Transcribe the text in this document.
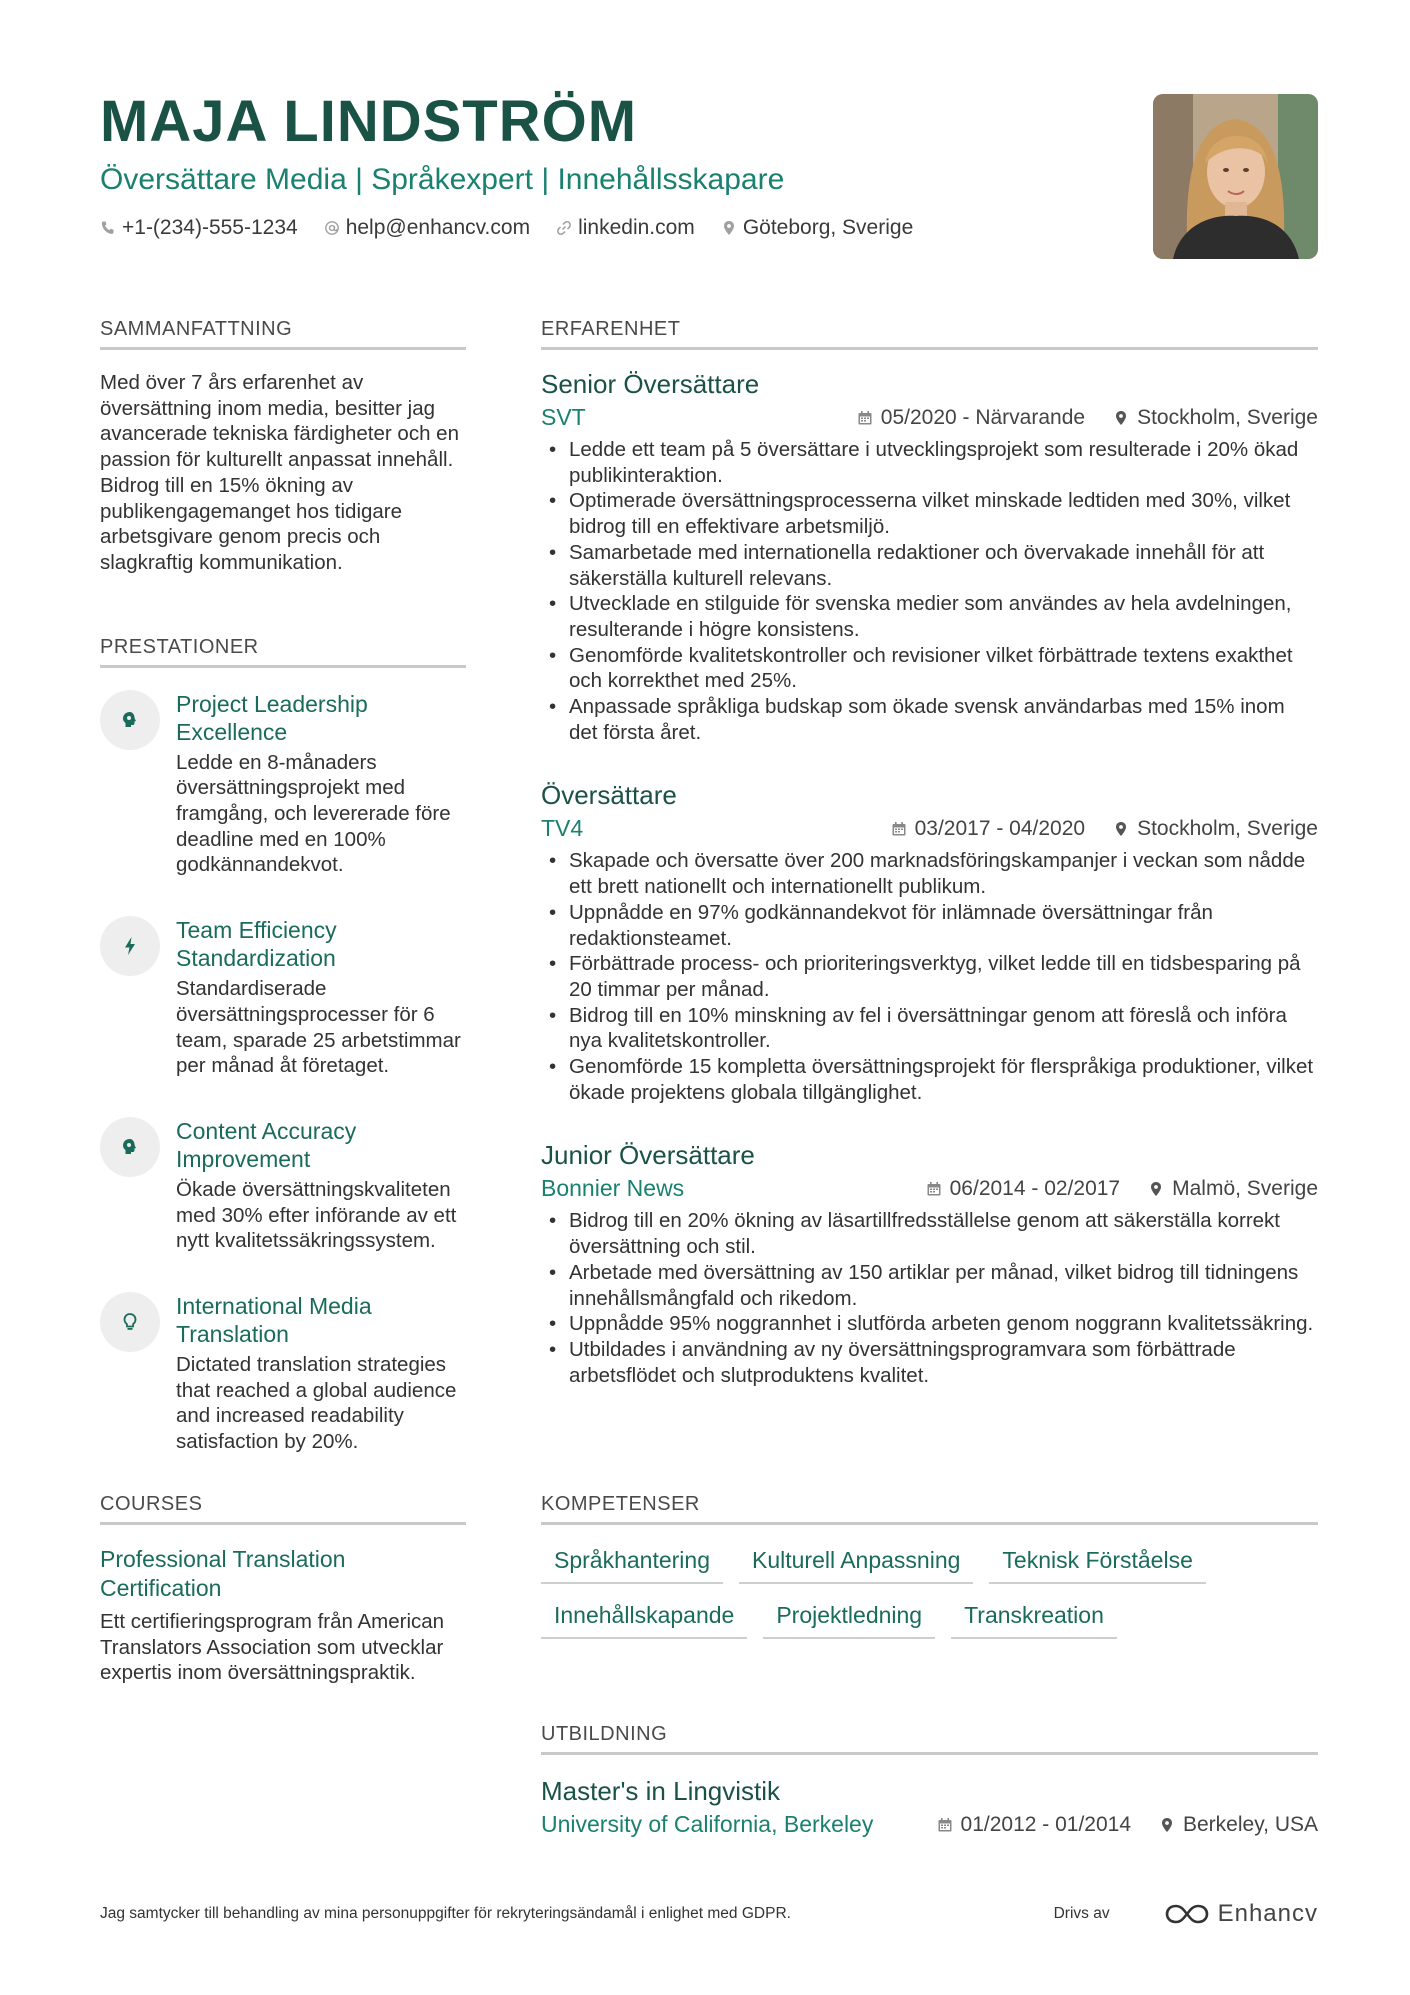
MAJA LINDSTRÖM
Översättare Media | Språkexpert | Innehållsskapare
+1-(234)-555-1234 help@enhancv.com linkedin.com Göteborg, Sverige
SAMMANFATTNING
Med över 7 års erfarenhet av översättning inom media, besitter jag avancerade tekniska färdigheter och en passion för kulturellt anpassat innehåll. Bidrog till en 15% ökning av publikengagemanget hos tidigare arbetsgivare genom precis och slagkraftig kommunikation.
PRESTATIONER
Project Leadership Excellence
Ledde en 8-månaders översättningsprojekt med framgång, och levererade före deadline med en 100% godkännandekvot.
Team Efficiency Standardization
Standardiserade översättningsprocesser för 6 team, sparade 25 arbetstimmar per månad åt företaget.
Content Accuracy Improvement
Ökade översättningskvaliteten med 30% efter införande av ett nytt kvalitetssäkringssystem.
International Media Translation
Dictated translation strategies that reached a global audience and increased readability satisfaction by 20%.
COURSES
Professional Translation Certification
Ett certifieringsprogram från American Translators Association som utvecklar expertis inom översättningspraktik.
ERFARENHET
Senior Översättare
SVT	05/2020 - Närvarande Stockholm, Sverige
• Ledde ett team på 5 översättare i utvecklingsprojekt som resulterade i 20% ökad publikinteraktion.
• Optimerade översättningsprocesserna vilket minskade ledtiden med 30%, vilket bidrog till en effektivare arbetsmiljö.
• Samarbetade med internationella redaktioner och övervakade innehåll för att säkerställa kulturell relevans.
• Utvecklade en stilguide för svenska medier som användes av hela avdelningen, resulterande i högre konsistens.
• Genomförde kvalitetskontroller och revisioner vilket förbättrade textens exakthet och korrekthet med 25%.
• Anpassade språkliga budskap som ökade svensk användarbas med 15% inom det första året.
Översättare
TV4	03/2017 - 04/2020 Stockholm, Sverige
• Skapade och översatte över 200 marknadsföringskampanjer i veckan som nådde ett brett nationellt och internationellt publikum.
• Uppnådde en 97% godkännandekvot för inlämnade översättningar från redaktionsteamet.
• Förbättrade process- och prioriteringsverktyg, vilket ledde till en tidsbesparing på 20 timmar per månad.
• Bidrog till en 10% minskning av fel i översättningar genom att föreslå och införa nya kvalitetskontroller.
• Genomförde 15 kompletta översättningsprojekt för flerspråkiga produktioner, vilket ökade projektens globala tillgänglighet.
Junior Översättare
Bonnier News	06/2014 - 02/2017 Malmö, Sverige
• Bidrog till en 20% ökning av läsartillfredsställelse genom att säkerställa korrekt översättning och stil.
• Arbetade med översättning av 150 artiklar per månad, vilket bidrog till tidningens innehållsmångfald och rikedom.
• Uppnådde 95% noggrannhet i slutförda arbeten genom noggrann kvalitetssäkring.
• Utbildades i användning av ny översättningsprogramvara som förbättrade arbetsflödet och slutproduktens kvalitet.
KOMPETENSER
Språkhantering	Kulturell Anpassning	Teknisk Förståelse
Innehållskapande	Projektledning	Transkreation
UTBILDNING
Master's in Lingvistik
University of California, Berkeley	01/2012 - 01/2014 Berkeley, USA
Jag samtycker till behandling av mina personuppgifter för rekryteringsändamål i enlighet med GDPR.	Drivs av	Enhancv
